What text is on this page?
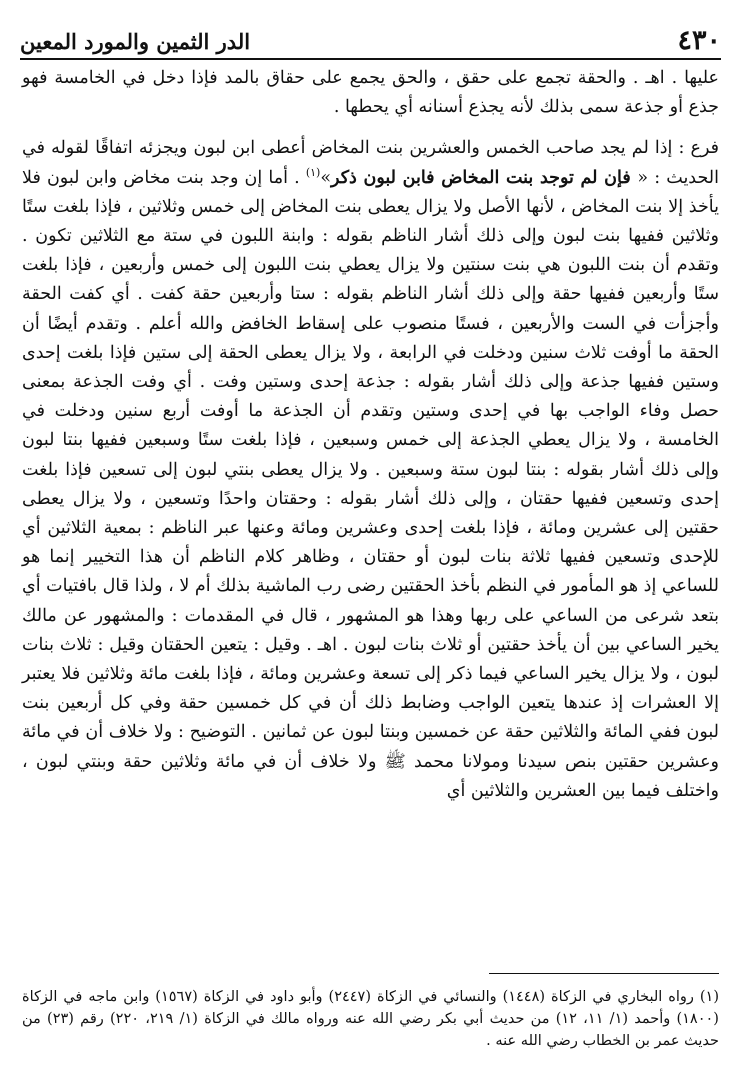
٤٣٠
الدر الثمين والمورد المعين

عليها . اهـ . والحقة تجمع على حقق ، والحق يجمع على حقاق بالمد فإذا دخل في الخامسة فهو جذع أو جذعة سمى بذلك لأنه يجذع أسنانه أي يحطها .

فرع : إذا لم يجد صاحب الخمس والعشرين بنت المخاض أعطى ابن لبون ويجزئه اتفاقًا لقوله في الحديث : « فإن لم توجد بنت المخاض فابن لبون ذكر»$^{(١)}$ . أما إن وجد بنت مخاض وابن لبون فلا يأخذ إلا بنت المخاض ، لأنها الأصل ولا يزال يعطى بنت المخاض إلى خمس وثلاثين ، فإذا بلغت ستًا وثلاثين ففيها بنت لبون وإلى ذلك أشار الناظم بقوله : وابنة اللبون في ستة مع الثلاثين تكون . وتقدم أن بنت اللبون هي بنت سنتين ولا يزال يعطي بنت اللبون إلى خمس وأربعين ، فإذا بلغت ستًا وأربعين ففيها حقة وإلى ذلك أشار الناظم بقوله : ستا وأربعين حقة كفت . أي كفت الحقة وأجزأت في الست والأربعين ، فستًا منصوب على إسقاط الخافض والله أعلم . وتقدم أيضًا أن الحقة ما أوفت ثلاث سنين ودخلت في الرابعة ، ولا يزال يعطى الحقة إلى ستين فإذا بلغت إحدى وستين ففيها جذعة وإلى ذلك أشار بقوله : جذعة إحدى وستين وفت . أي وفت الجذعة بمعنى حصل وفاء الواجب بها في إحدى وستين وتقدم أن الجذعة ما أوفت أربع سنين ودخلت في الخامسة ، ولا يزال يعطي الجذعة إلى خمس وسبعين ، فإذا بلغت ستًا وسبعين ففيها بنتا لبون وإلى ذلك أشار بقوله : بنتا لبون ستة وسبعين . ولا يزال يعطى بنتي لبون إلى تسعين فإذا بلغت إحدى وتسعين ففيها حقتان ، وإلى ذلك أشار بقوله : وحقتان واحدًا وتسعين ، ولا يزال يعطى حقتين إلى عشرين ومائة ، فإذا بلغت إحدى وعشرين ومائة وعنها عبر الناظم : بمعية الثلاثين أي للإحدى وتسعين ففيها ثلاثة بنات لبون أو حقتان ، وظاهر كلام الناظم أن هذا التخيير إنما هو للساعي إذ هو المأمور في النظم بأخذ الحقتين رضى رب الماشية بذلك أم لا ، ولذا قال بافتيات أي بتعد شرعى من الساعي على ربها وهذا هو المشهور ، قال في المقدمات : والمشهور عن مالك يخير الساعي بين أن يأخذ حقتين أو ثلاث بنات لبون . اهـ . وقيل : يتعين الحقتان وقيل : ثلاث بنات لبون ، ولا يزال يخير الساعي فيما ذكر إلى تسعة وعشرين ومائة ، فإذا بلغت مائة وثلاثين فلا يعتبر إلا العشرات إذ عندها يتعين الواجب وضابط ذلك أن في كل خمسين حقة وفي كل أربعين بنت لبون ففي المائة والثلاثين حقة عن خمسين وبنتا لبون عن ثمانين . التوضيح : ولا خلاف أن في مائة وعشرين حقتين بنص سيدنا ومولانا محمد ﷺ ولا خلاف أن في مائة وثلاثين حقة وبنتي لبون ، واختلف فيما بين العشرين والثلاثين أي

(١) رواه البخاري في الزكاة (١٤٤٨) والنسائي في الزكاة (٢٤٤٧) وأبو داود في الزكاة (١٥٦٧) وابن ماجه في الزكاة (١٨٠٠) وأحمد (١/ ١١، ١٢) من حديث أبي بكر رضي الله عنه ورواه مالك في الزكاة (١/ ٢١٩، ٢٢٠) رقم (٢٣) من حديث عمر بن الخطاب رضي الله عنه .
